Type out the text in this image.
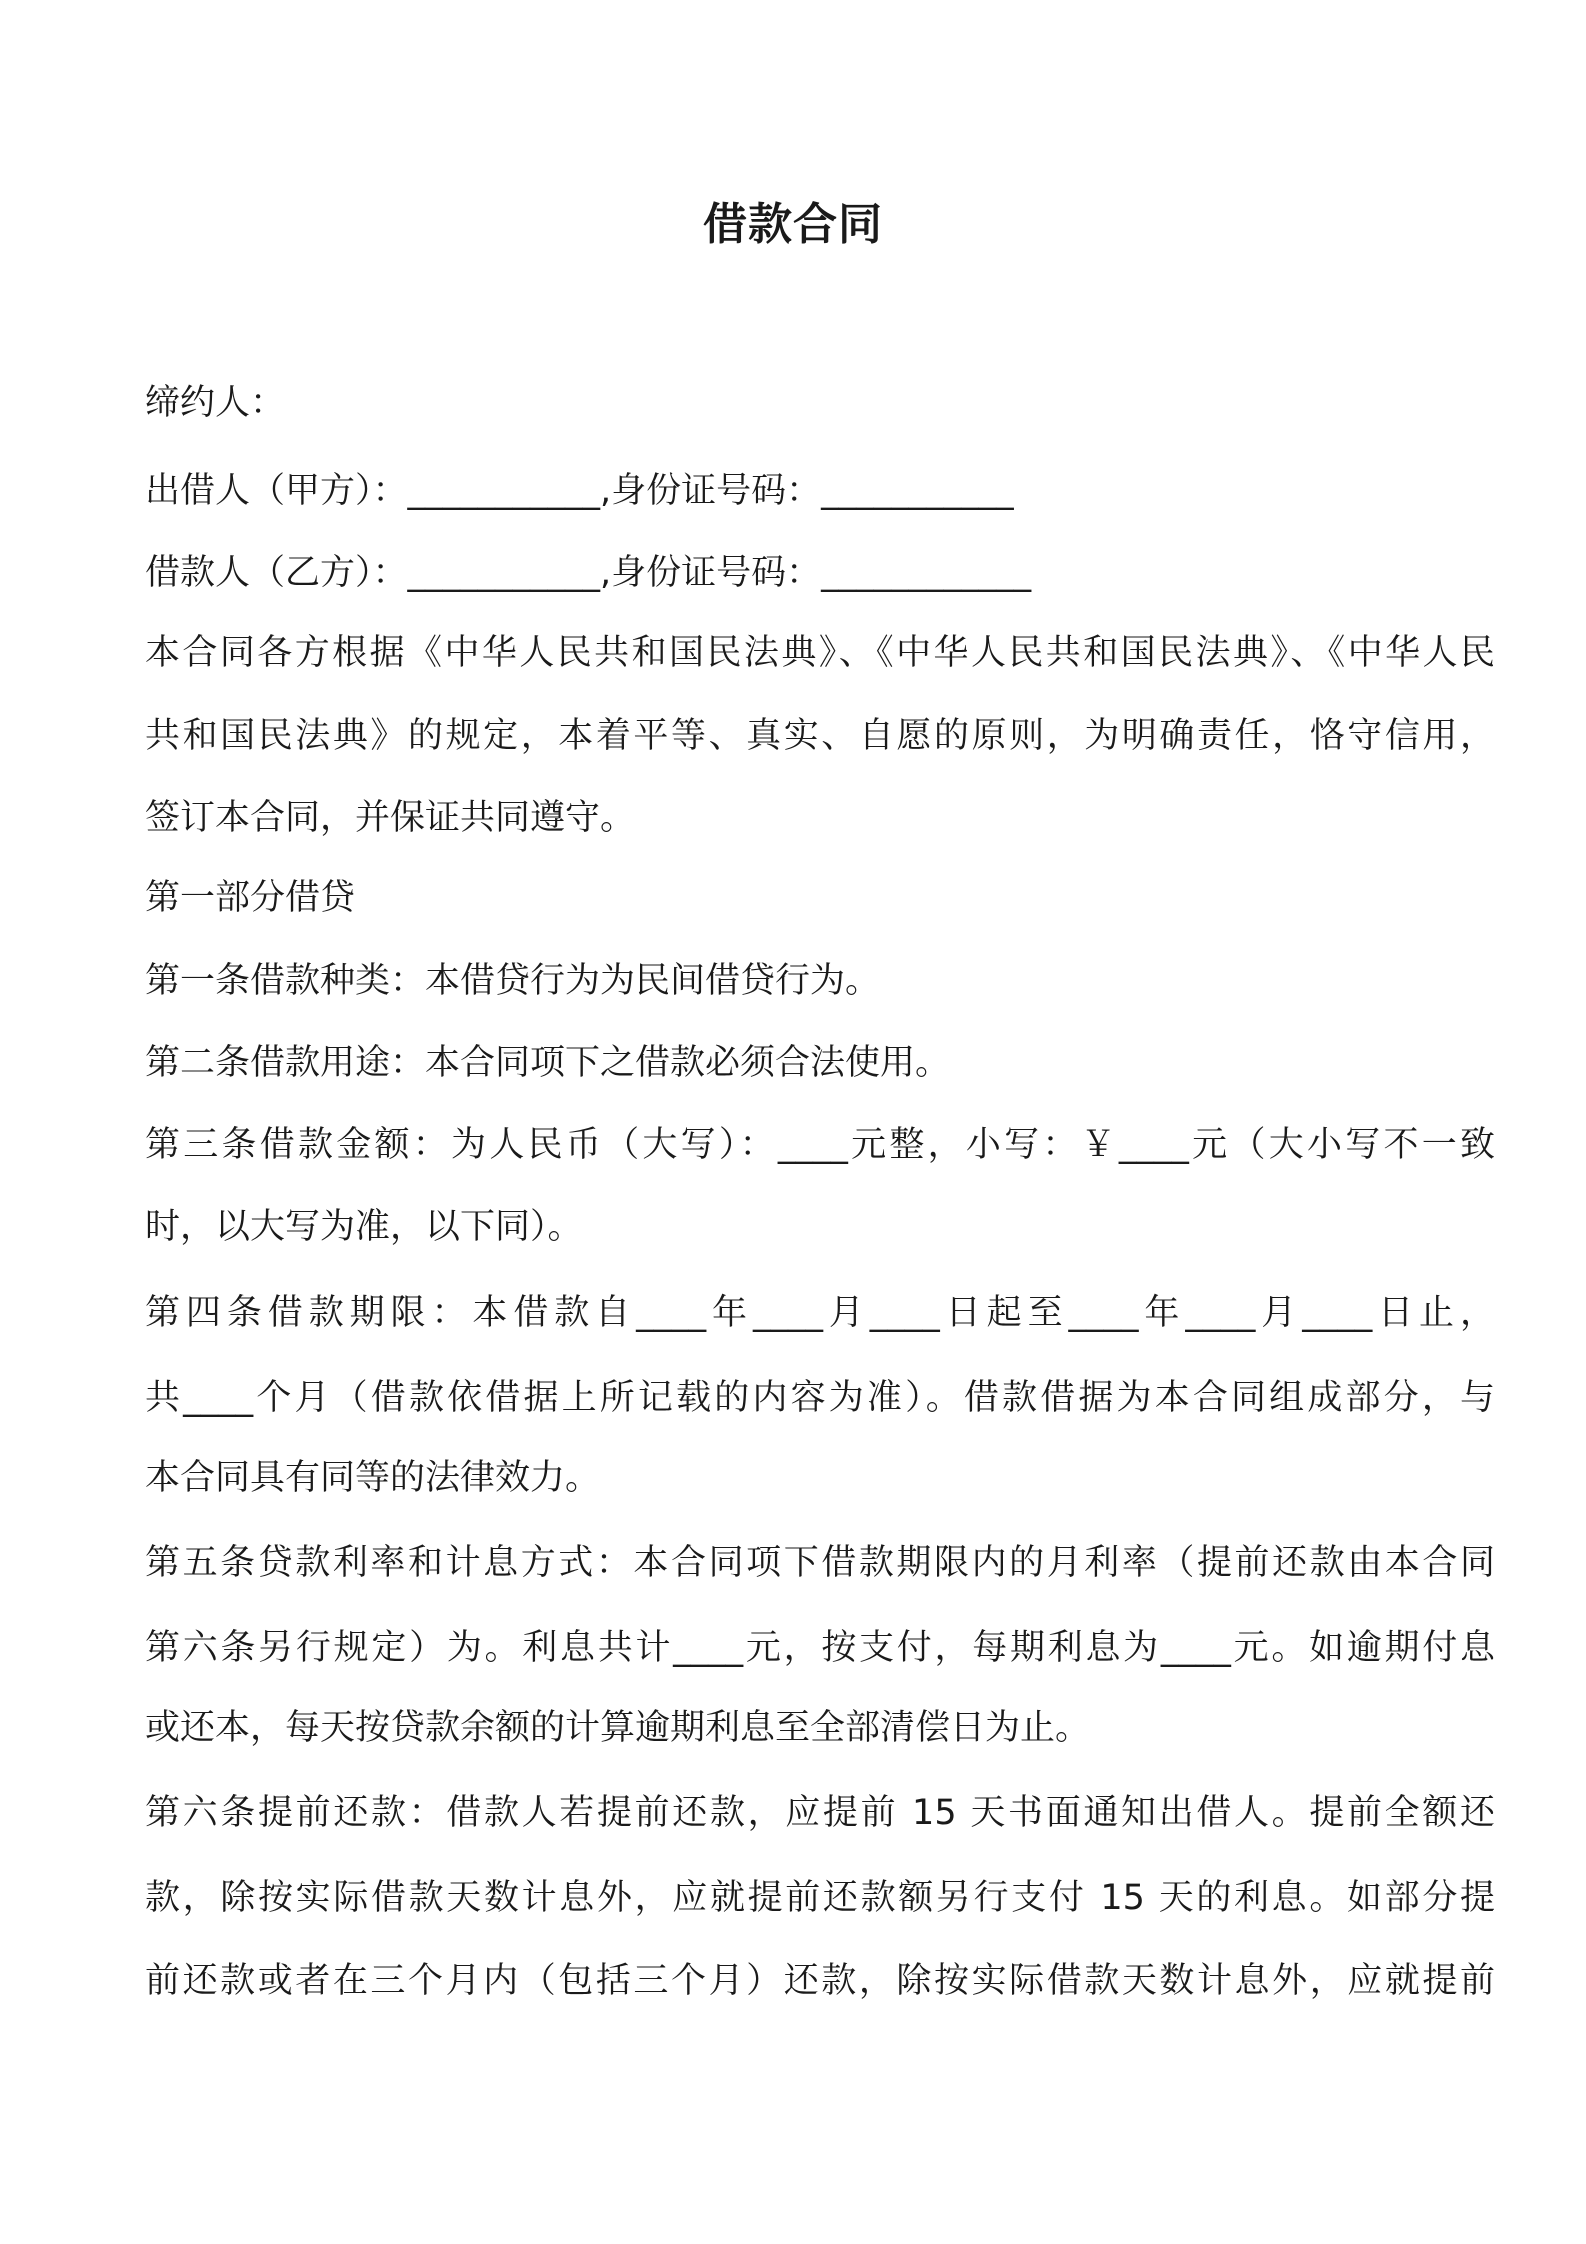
借款合同
缔约人：
出借人（甲方）：___________,身份证号码：___________
借款人（乙方）：___________,身份证号码：____________
本合同各方根据《中华人民共和国民法典》、《中华人民共和国民法典》、《中华人民
共和国民法典》的规定，本着平等、真实、自愿的原则，为明确责任，恪守信用，
签订本合同，并保证共同遵守。
第一部分借贷
第一条借款种类：本借贷行为为民间借贷行为。
第二条借款用途：本合同项下之借款必须合法使用。
第三条借款金额：为人民币（大写）：____元整，小写：￥____元（大小写不一致
时，以大写为准，以下同）。
第四条借款期限：本借款自____年____月____日起至____年____月____日止，
共____个月（借款依借据上所记载的内容为准）。借款借据为本合同组成部分，与
本合同具有同等的法律效力。
第五条贷款利率和计息方式：本合同项下借款期限内的月利率（提前还款由本合同
第六条另行规定）为。利息共计____元，按支付，每期利息为____元。如逾期付息
或还本，每天按贷款余额的计算逾期利息至全部清偿日为止。
第六条提前还款：借款人若提前还款，应提前 15 天书面通知出借人。提前全额还
款，除按实际借款天数计息外，应就提前还款额另行支付 15 天的利息。如部分提
前还款或者在三个月内（包括三个月）还款，除按实际借款天数计息外，应就提前
